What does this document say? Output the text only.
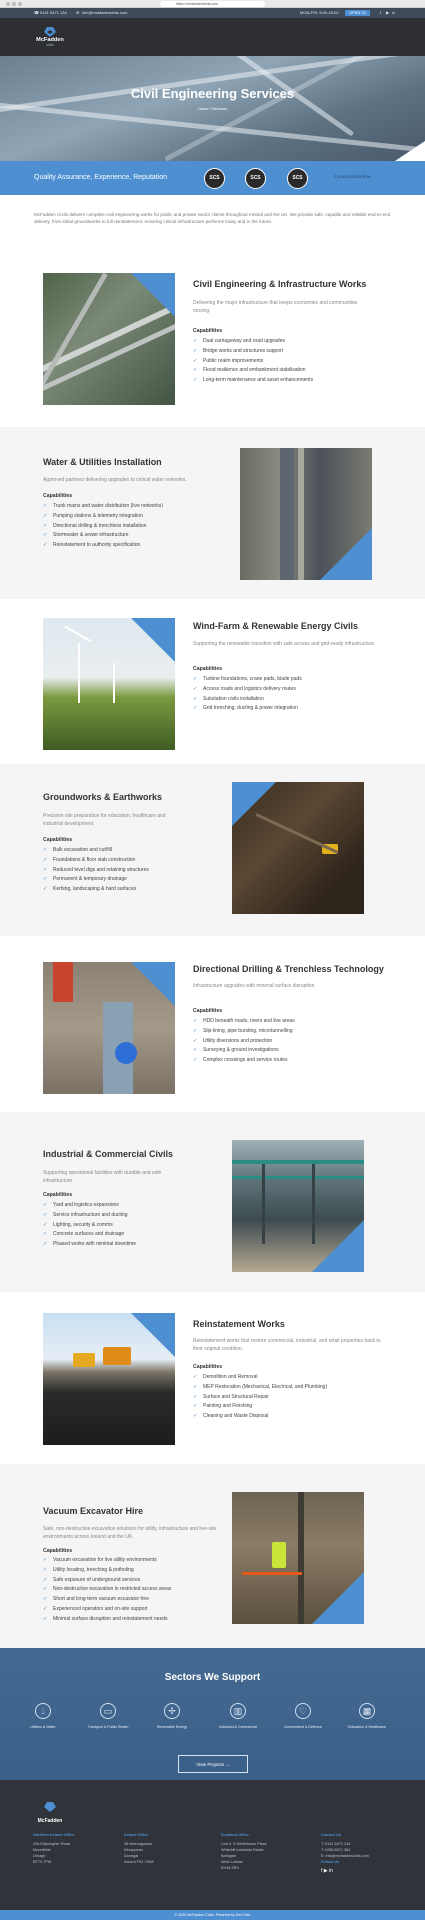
https://mcfaddencivils.com
☎ 0141 5471 134 ✉ info@mcfaddencivils.com	MON-FRI: 8:00-18:00	OPEN 24	f ▶ in
McFadden
civils
Civil Engineering Services
Home / Services
Quality Assurance, Experience, Reputation	SCS	SCS	SCS	Constructionline

McFadden Civils delivers complete civil engineering works for public and private sector clients throughout Ireland and the UK. We provide safe, capable and reliable end-to-end delivery, from initial groundworks to full reinstatement, ensuring critical infrastructure performs today and in the future.

Civil Engineering & Infrastructure Works
Delivering the major infrastructure that keeps economies and communities moving.
Capabilities
✓ Dual carriageway and road upgrades
✓ Bridge works and structures support
✓ Public realm improvements
✓ Flood resilience and embankment stabilisation
✓ Long-term maintenance and asset enhancements
Water & Utilities Installation
Approved partners delivering upgrades to critical water networks.
Capabilities
✓ Trunk mains and water distribution (live networks)
✓ Pumping stations & telemetry integration
✓ Directional drilling & trenchless installation
✓ Stormwater & sewer infrastructure
✓ Reinstatement to authority specification
Wind-Farm & Renewable Energy Civils
Supporting the renewable transition with safe access and grid-ready infrastructure.
Capabilities
✓ Turbine foundations, crane pads, blade pads
✓ Access roads and logistics delivery routes
✓ Substation civils installation
✓ Grid trenching, ducting & power integration
Groundworks & Earthworks
Precision site preparation for education, healthcare and industrial development.
Capabilities
✓ Bulk excavation and cut/fill
✓ Foundations & floor slab construction
✓ Reduced level digs and retaining structures
✓ Permanent & temporary drainage
✓ Kerbing, landscaping & hard surfaces
Directional Drilling & Trenchless Technology
Infrastructure upgrades with minimal surface disruption.
Capabilities
✓ HDD beneath roads, rivers and live areas
✓ Slip-lining, pipe bursting, microtunnelling
✓ Utility diversions and protection
✓ Surveying & ground investigations
✓ Complex crossings and service routes
Industrial & Commercial Civils
Supporting operational facilities with durable and safe infrastructure.
Capabilities
✓ Yard and logistics expansions
✓ Service infrastructure and ducting
✓ Lighting, security & comms
✓ Concrete surfaces and drainage
✓ Phased works with minimal downtime
Reinstatement Works
Reinstatement works that restore commercial, industrial, and retail properties back to their original condition.
Capabilities
✓ Demolition and Removal
✓ MEP Restoration (Mechanical, Electrical, and Plumbing)
✓ Surface and Structural Repair
✓ Painting and Finishing
✓ Cleaning and Waste Disposal
Vacuum Excavator Hire
Safe, non-destructive excavation solutions for utility, infrastructure and live-site environments across Ireland and the UK.
Capabilities
✓ Vacuum excavation for live utility environments
✓ Utility locating, trenching & potholing
✓ Safe exposure of underground services
✓ Non-destructive excavation in restricted access areas
✓ Short and long-term vacuum excavator hire
✓ Experienced operators and on-site support
✓ Minimal surface disruption and reinstatement needs
Sectors We Support
💧︎
Utilities & Water
▭
Transport & Public Realm
✢
Renewable Energy
▥
Industrial & Commercial
♡
Government & Defence
▦
Education & Healthcare
View Projects →
McFadden
Northern Ireland Office
29a Killyclogher Road
Mountfield
Omagh
BT79 7PW
Ireland Office
46 Meenagowan
Kilcappean
Donegal
Ireland F93 Y9K8
Scotland Office
Unit 4, 3 Whitehouse Place
Whitehill Industrial Estate
Bathgate
West Lothian
EH48 2RX
Contact Us
T: 0141 5471 134
T: 0286 8571 362
E: info@mcfaddencivils.com
Follow Us
f ▶ in
© 2025 McFadden Civils. Powered by Dev Hive
